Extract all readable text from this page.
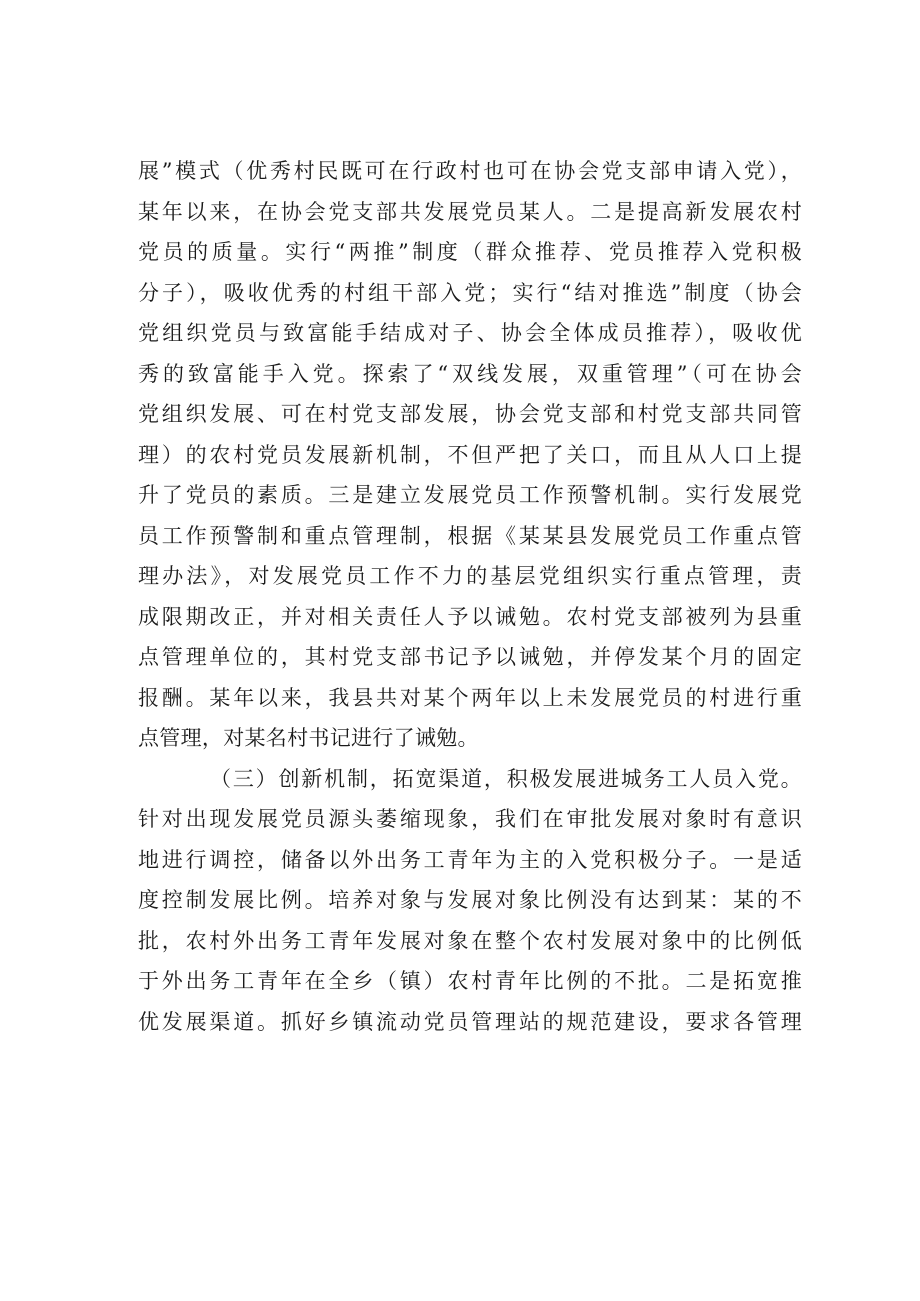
展”模式（优秀村民既可在行政村也可在协会党支部申请入党），
某年以来，在协会党支部共发展党员某人。二是提高新发展农村
党员的质量。实行“两推”制度（群众推荐、党员推荐入党积极
分子），吸收优秀的村组干部入党；实行“结对推选”制度（协会
党组织党员与致富能手结成对子、协会全体成员推荐），吸收优
秀的致富能手入党。探索了“双线发展，双重管理”（可在协会
党组织发展、可在村党支部发展，协会党支部和村党支部共同管
理）的农村党员发展新机制，不但严把了关口，而且从人口上提
升了党员的素质。三是建立发展党员工作预警机制。实行发展党
员工作预警制和重点管理制，根据《某某县发展党员工作重点管
理办法》，对发展党员工作不力的基层党组织实行重点管理，责
成限期改正，并对相关责任人予以诫勉。农村党支部被列为县重
点管理单位的，其村党支部书记予以诫勉，并停发某个月的固定
报酬。某年以来，我县共对某个两年以上未发展党员的村进行重
点管理，对某名村书记进行了诫勉。
（三）创新机制，拓宽渠道，积极发展进城务工人员入党。
针对出现发展党员源头萎缩现象，我们在审批发展对象时有意识
地进行调控，储备以外出务工青年为主的入党积极分子。一是适
度控制发展比例。培养对象与发展对象比例没有达到某：某的不
批，农村外出务工青年发展对象在整个农村发展对象中的比例低
于外出务工青年在全乡（镇）农村青年比例的不批。二是拓宽推
优发展渠道。抓好乡镇流动党员管理站的规范建设，要求各管理
